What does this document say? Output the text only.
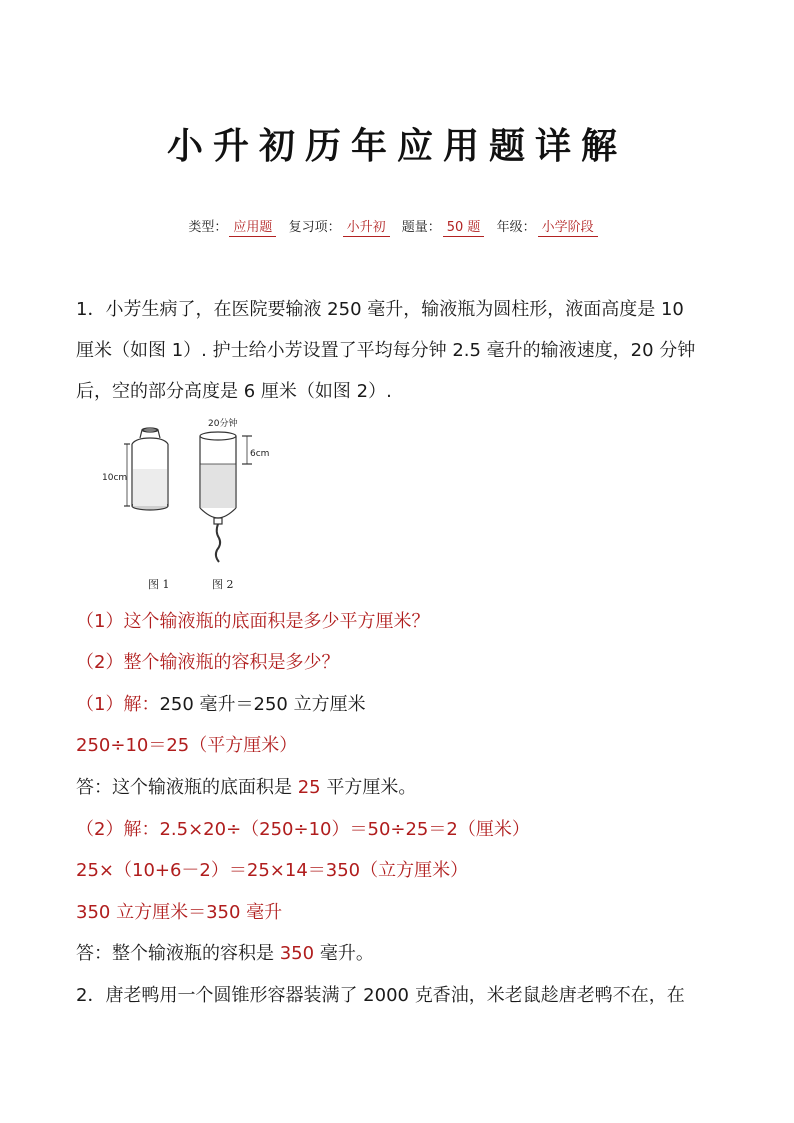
小升初历年应用题详解
类型： 应用题 复习项： 小升初 题量： 50 题 年级： 小学阶段
1．小芳生病了，在医院要输液 250 毫升，输液瓶为圆柱形，液面高度是 10
厘米（如图 1）. 护士给小芳设置了平均每分钟 2.5 毫升的输液速度，20 分钟
后，空的部分高度是 6 厘米（如图 2）.
10cm
20分钟
6cm
图 1	图 2
（1）这个输液瓶的底面积是多少平方厘米？
（2）整个输液瓶的容积是多少？
（1）解：250 毫升＝250 立方厘米
250÷10＝25（平方厘米）
答：这个输液瓶的底面积是 25 平方厘米。
（2）解：2.5×20÷（250÷10）＝50÷25＝2（厘米）
25×（10+6－2）＝25×14＝350（立方厘米）
350 立方厘米＝350 毫升
答：整个输液瓶的容积是 350 毫升。
2．唐老鸭用一个圆锥形容器装满了 2000 克香油，米老鼠趁唐老鸭不在，在
